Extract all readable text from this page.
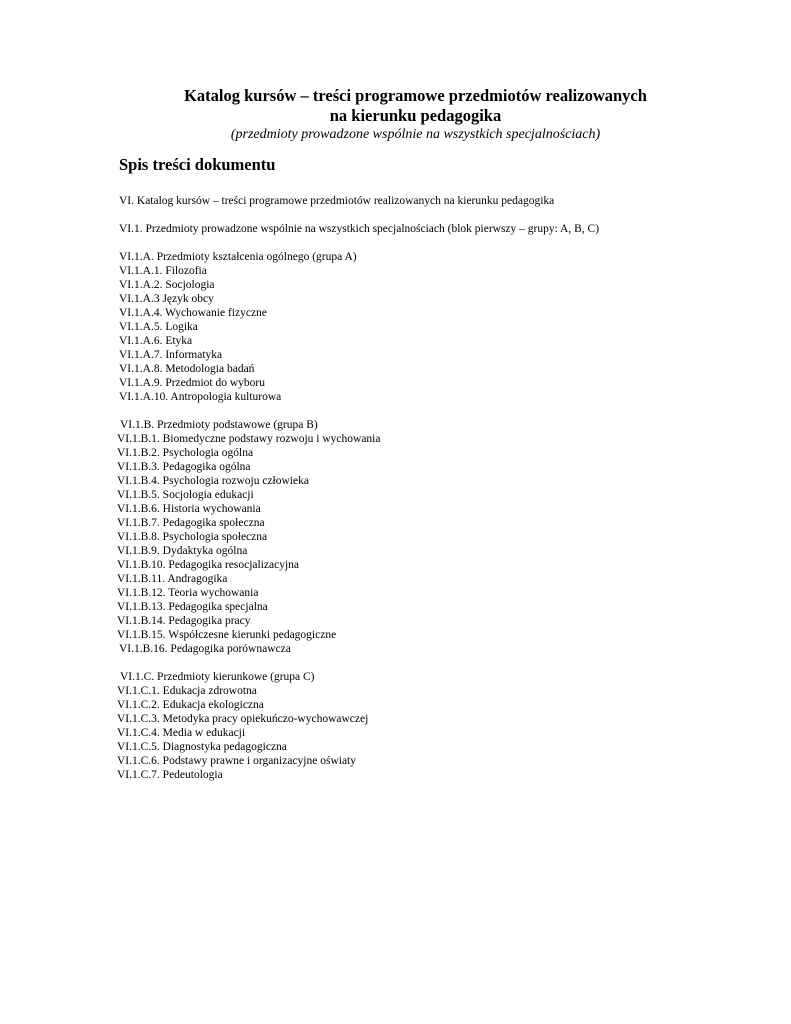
Katalog kursów – treści programowe przedmiotów realizowanych

na kierunku pedagogika

(przedmioty prowadzone wspólnie na wszystkich specjalnościach)

Spis treści dokumentu
VI. Katalog kursów – treści programowe przedmiotów realizowanych na kierunku pedagogika
VI.1. Przedmioty prowadzone wspólnie na wszystkich specjalnościach (blok pierwszy – grupy: A, B, C)
VI.1.A. Przedmioty kształcenia ogólnego (grupa A)
VI.1.A.1. Filozofia
VI.1.A.2. Socjologia
VI.1.A.3 Język obcy
VI.1.A.4. Wychowanie fizyczne
VI.1.A.5. Logika
VI.1.A.6. Etyka
VI.1.A.7. Informatyka
VI.1.A.8. Metodologia badań
VI.1.A.9. Przedmiot do wyboru
VI.1.A.10. Antropologia kulturowa
VI.1.B. Przedmioty podstawowe (grupa B)
VI.1.B.1. Biomedyczne podstawy rozwoju i wychowania
VI.1.B.2. Psychologia ogólna
VI.1.B.3. Pedagogika ogólna
VI.1.B.4. Psychologia rozwoju człowieka
VI.1.B.5. Socjologia edukacji
VI.1.B.6. Historia wychowania
VI.1.B.7. Pedagogika społeczna
VI.1.B.8. Psychologia społeczna
VI.1.B.9. Dydaktyka ogólna
VI.1.B.10. Pedagogika resocjalizacyjna
VI.1.B.11. Andragogika
VI.1.B.12. Teoria wychowania
VI.1.B.13. Pedagogika specjalna
VI.1.B.14. Pedagogika pracy
VI.1.B.15. Współczesne kierunki pedagogiczne
VI.1.B.16. Pedagogika porównawcza
VI.1.C. Przedmioty kierunkowe (grupa C)
VI.1.C.1. Edukacja zdrowotna
VI.1.C.2. Edukacja ekologiczna
VI.1.C.3. Metodyka pracy opiekuńczo-wychowawczej
VI.1.C.4. Media w edukacji
VI.1.C.5. Diagnostyka pedagogiczna
VI.1.C.6. Podstawy prawne i organizacyjne oświaty
VI.1.C.7. Pedeutologia
